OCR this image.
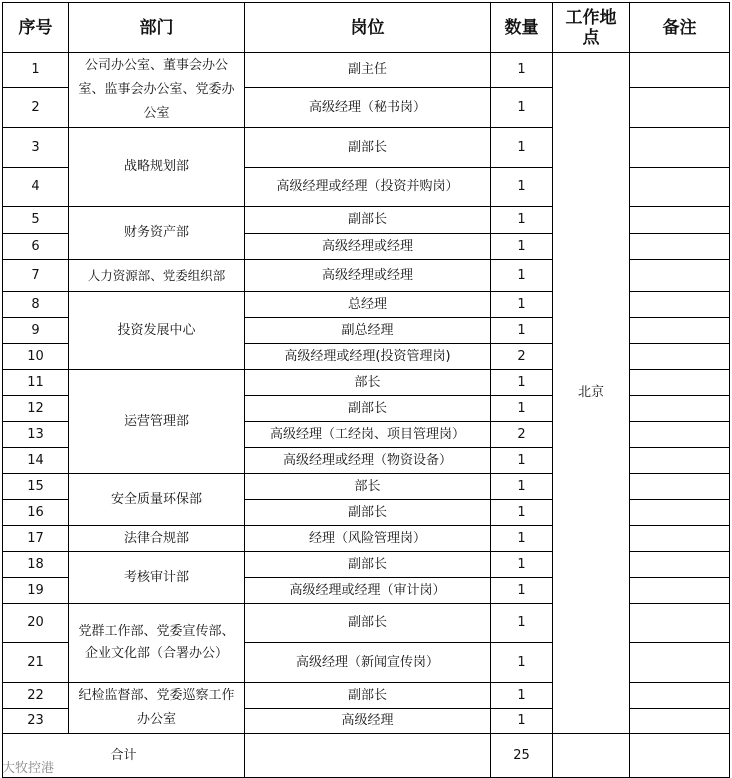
序号	部门	岗位	数量	工作地点	备注
1	公司办公室、董事会办公室、监事会办公室、党委办公室	副主任	1	北京	
2		高级经理（秘书岗）	1		
3	战略规划部	副部长	1		
4		高级经理或经理（投资并购岗）	1		
5	财务资产部	副部长	1		
6		高级经理或经理	1		
7	人力资源部、党委组织部	高级经理或经理	1		
8	投资发展中心	总经理	1		
9		副总经理	1		
10		高级经理或经理(投资管理岗)	2		
11	运营管理部	部长	1		
12		副部长	1		
13		高级经理（工经岗、项目管理岗）	2		
14		高级经理或经理（物资设备）	1		
15	安全质量环保部	部长	1		
16		副部长	1		
17	法律合规部	经理（风险管理岗）	1		
18	考核审计部	副部长	1		
19		高级经理或经理（审计岗）	1		
20	党群工作部、党委宣传部、企业文化部（合署办公）	副部长	1		
21		高级经理（新闻宣传岗）	1		
22	纪检监督部、党委巡察工作办公室	副部长	1		
23		高级经理	1		
合计			25		
大牧控港
